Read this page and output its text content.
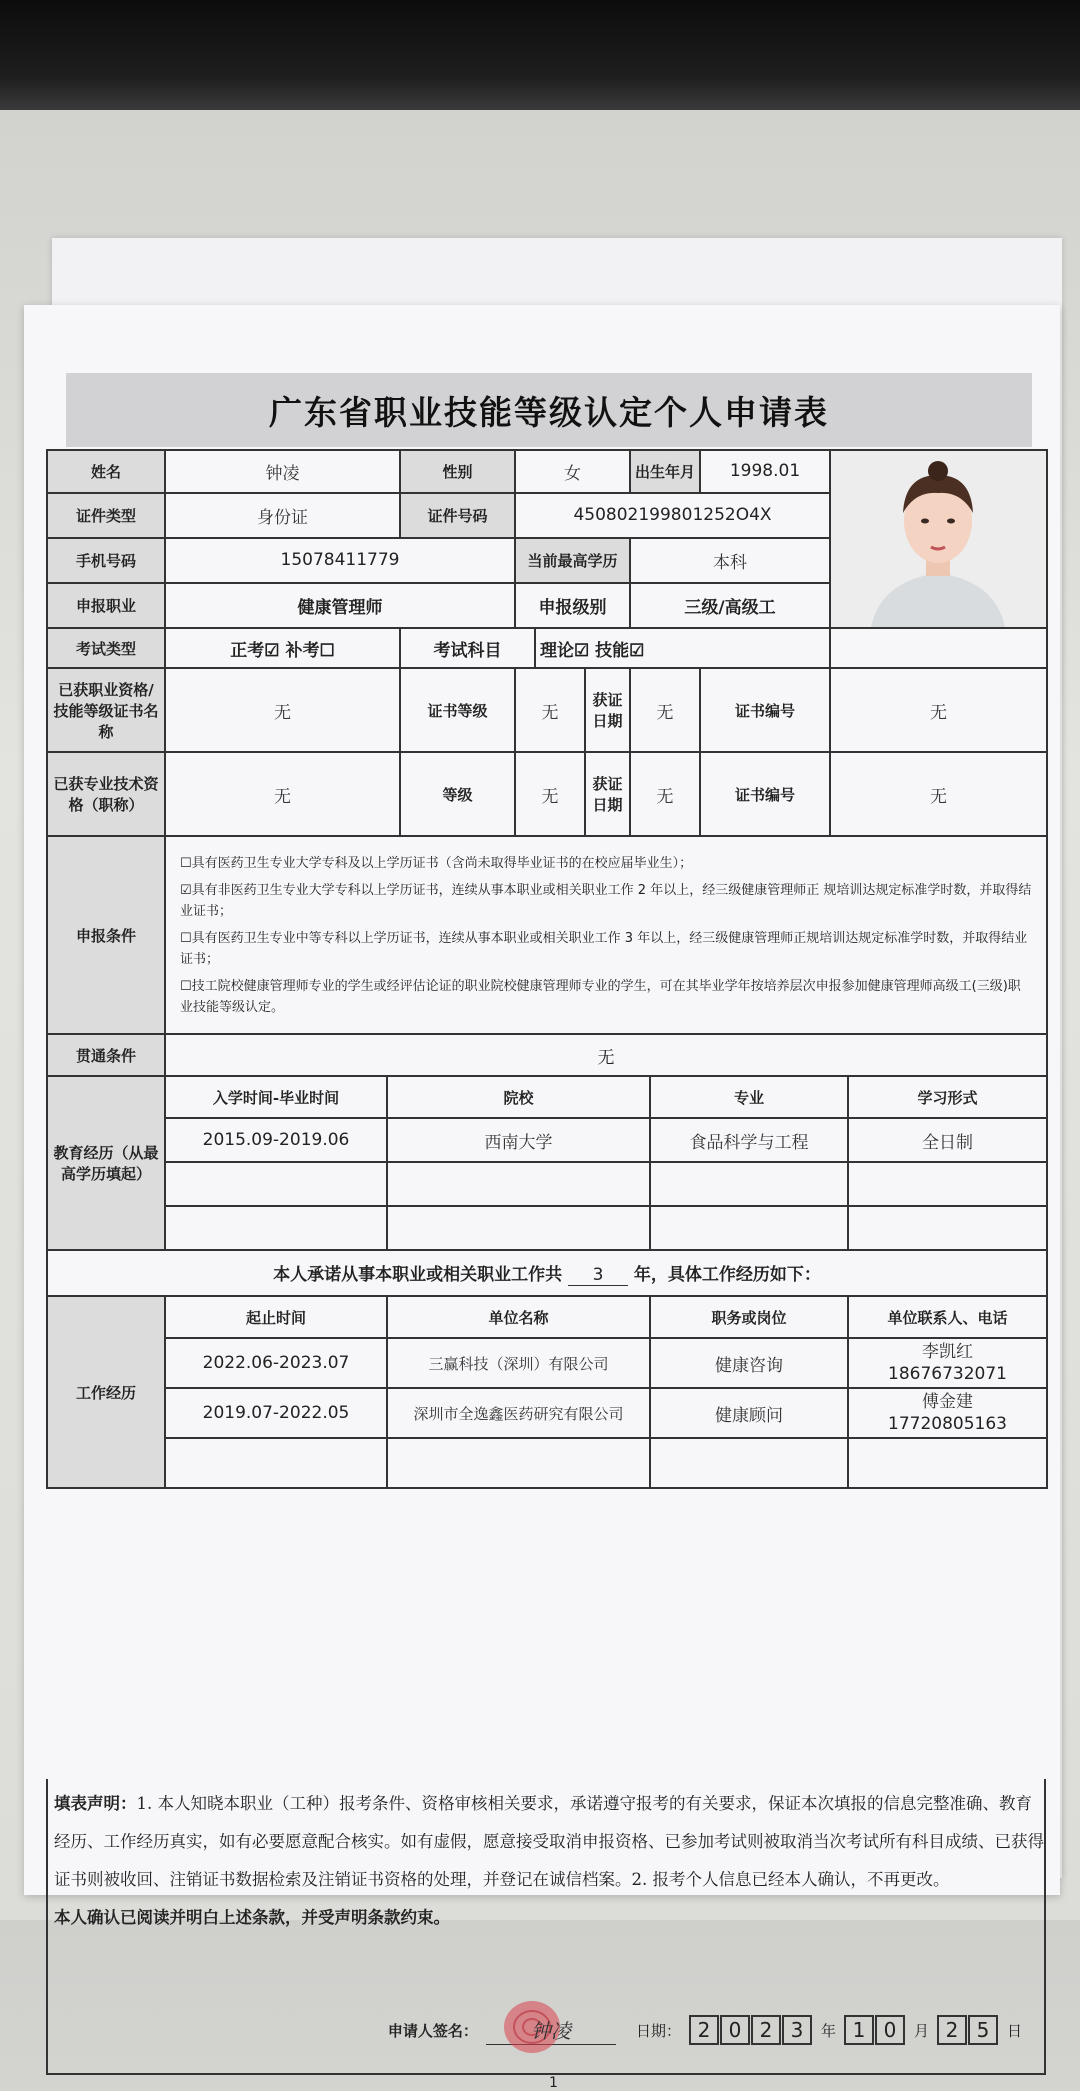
广东省职业技能等级认定个人申请表
姓名	钟凌	性别	女			出生年月	1998.01	

证件类型	身份证	证件号码	450802199801252O4X					
手机号码	15078411779		当前最高学历			本科		
申报职业	健康管理师		申报级别			三级/高级工		
考试类型	正考☑ 补考☐	考试科目		理论☑ 技能☑				
已获职业资格/技能等级证书名称	无	证书等级	无		获证日期	无	证书编号	无
已获专业技术资格（职称）	无	等级	无		获证日期	无	证书编号	无
申报条件	☐具有医药卫生专业大学专科及以上学历证书（含尚未取得毕业证书的在校应届毕业生）；

☑具有非医药卫生专业大学专科以上学历证书，连续从事本职业或相关职业工作 2 年以上，经三级健康管理师正 规培训达规定标准学时数，并取得结业证书；

☐具有医药卫生专业中等专科以上学历证书，连续从事本职业或相关职业工作 3 年以上，经三级健康管理师正规培训达规定标准学时数，并取得结业证书；

☐技工院校健康管理师专业的学生或经评估论证的职业院校健康管理师专业的学生，可在其毕业学年按培养层次申报参加健康管理师高级工(三级)职业技能等级认定。							

贯通条件	无							
教育经历（从最高学历填起）	入学时间-毕业时间	院校	专业	学习形式
	2015.09-2019.06	西南大学	食品科学与工程	全日制

本人承诺从事本职业或相关职业工作共 3 年，具体工作经历如下：				
工作经历	起止时间	单位名称	职务或岗位	单位联系人、电话
	2022.06-2023.07	三赢科技（深圳）有限公司	健康咨询	李凯红
18676732071

	2019.07-2022.05	深圳市全逸鑫医药研究有限公司	健康顾问	傅金建
17720805163

填表声明：1. 本人知晓本职业（工种）报考条件、资格审核相关要求，承诺遵守报考的有关要求，保证本次填报的信息完整准确、教育经历、工作经历真实，如有必要愿意配合核实。如有虚假，愿意接受取消申报资格、已参加考试则被取消当次考试所有科目成绩、已获得证书则被收回、注销证书数据检索及注销证书资格的处理，并登记在诚信档案。2. 报考个人信息已经本人确认，不再更改。
本人确认已阅读并明白上述条款，并受声明条款约束。
申请人签名：	钟凌	日期： 2 0 2 3	年 1 0	月 2 5	日
1
